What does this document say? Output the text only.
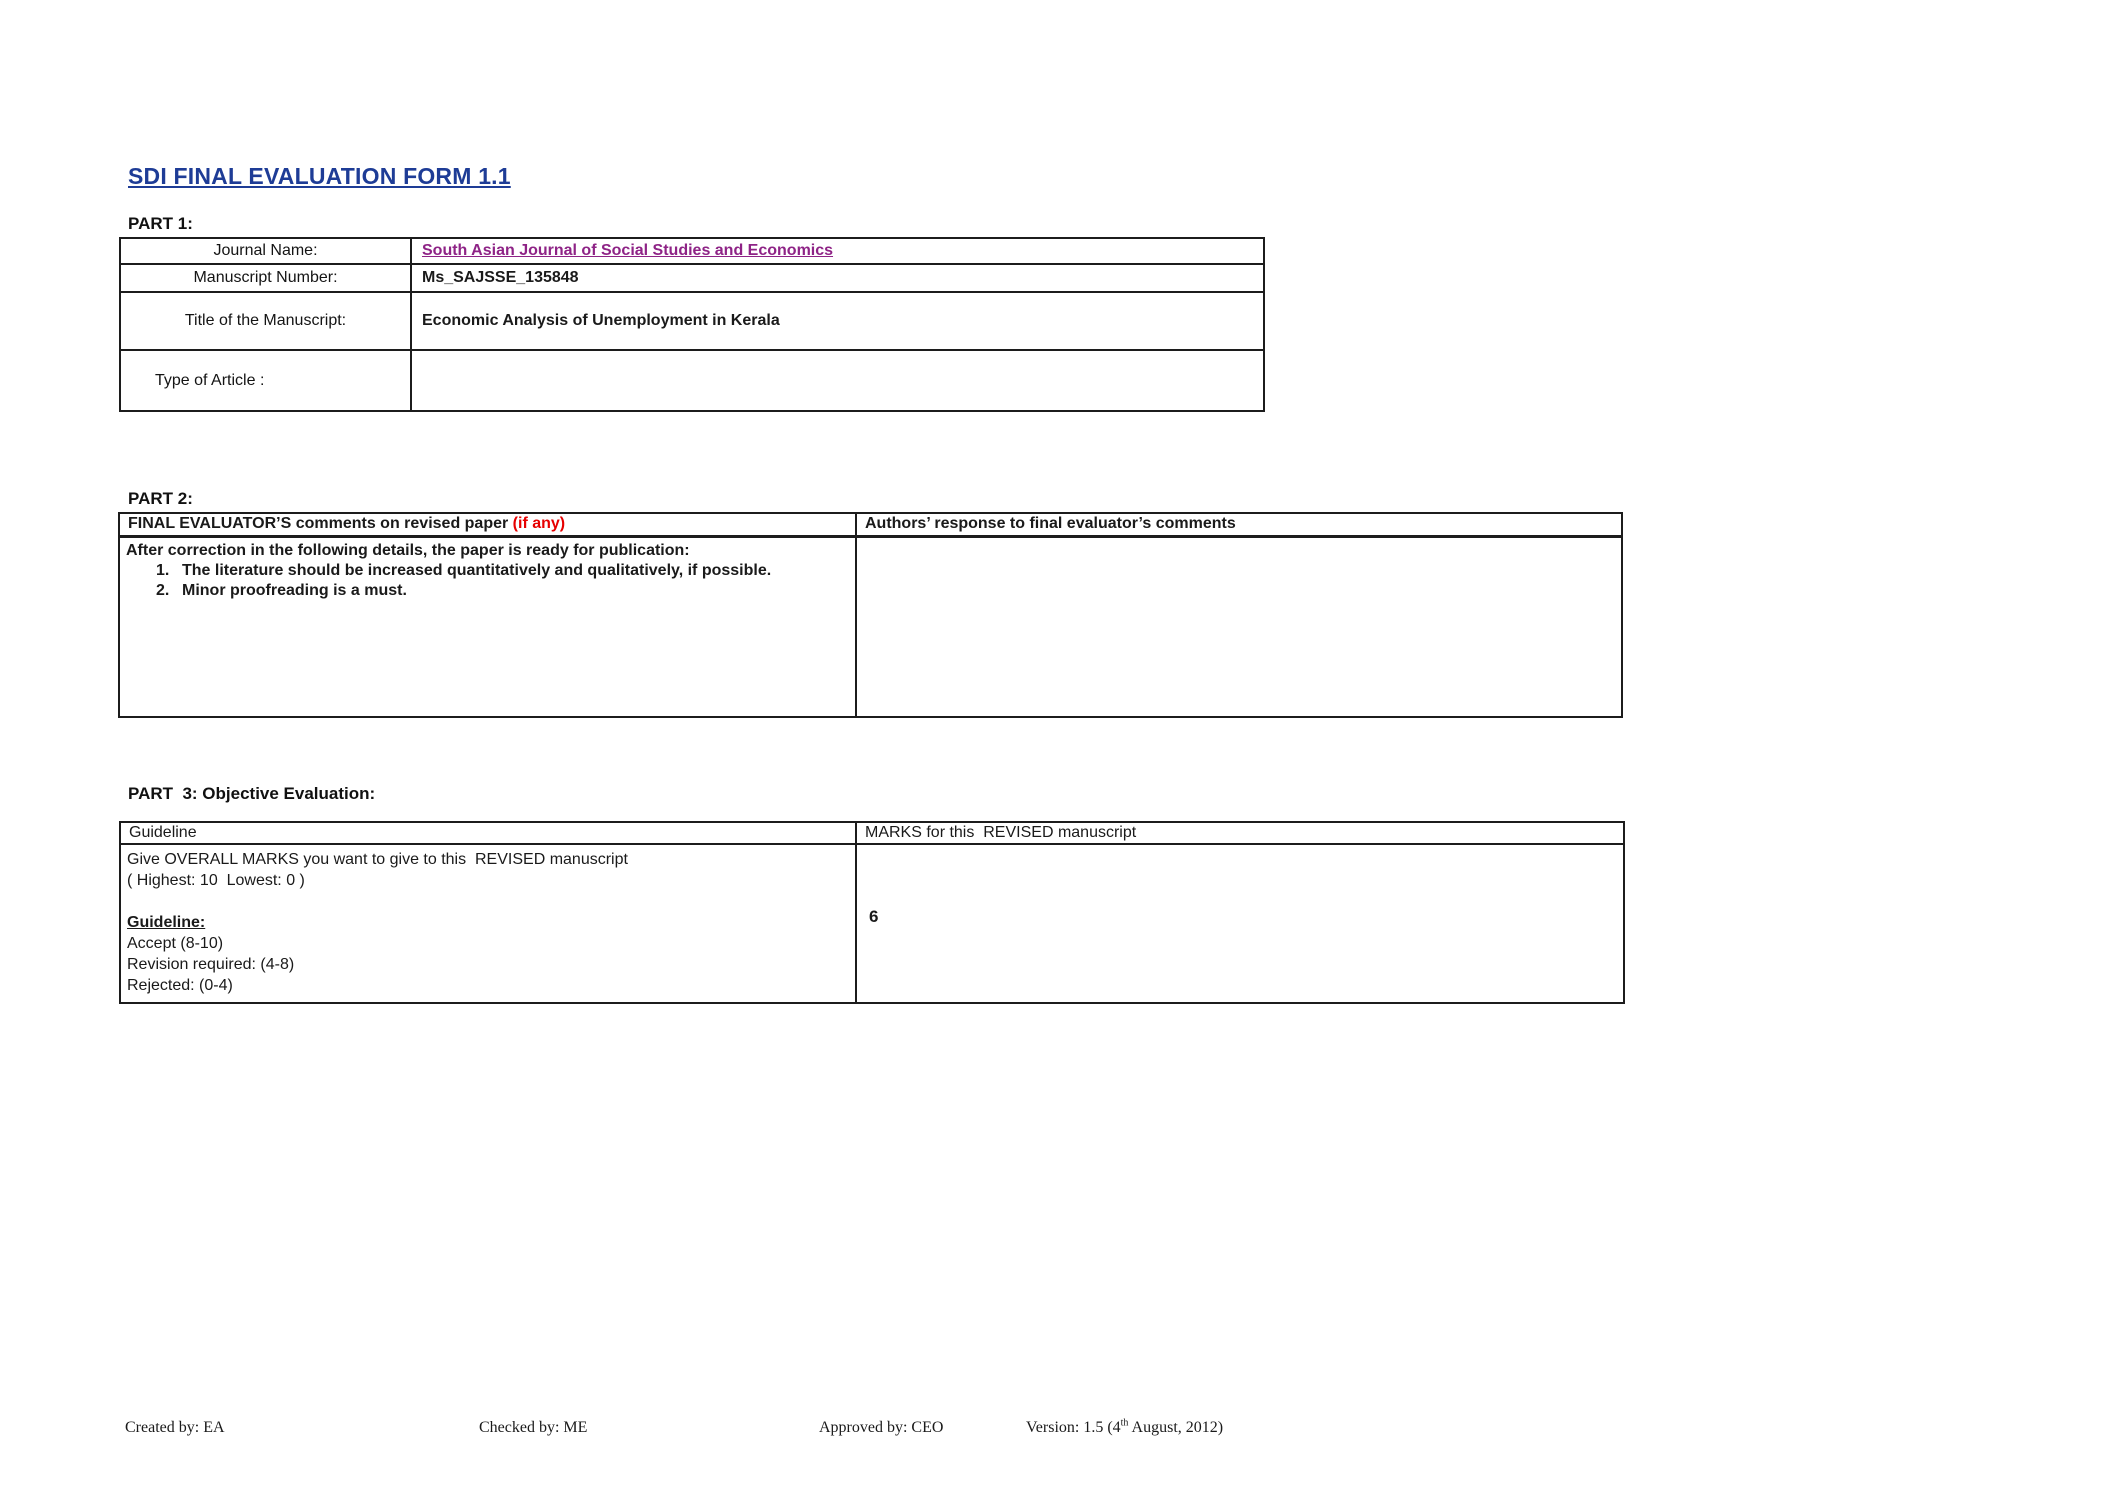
SDI FINAL EVALUATION FORM 1.1
PART 1:
Journal Name:	South Asian Journal of Social Studies and Economics
Manuscript Number:	Ms_SAJSSE_135848
Title of the Manuscript:	Economic Analysis of Unemployment in Kerala
Type of Article :	
PART 2:
FINAL EVALUATOR’S comments on revised paper (if any)	Authors’ response to final evaluator’s comments

After correction in the following details, the paper is ready for publication:
1. The literature should be increased quantitatively and qualitatively, if possible.
2. Minor proofreading is a must.	

PART  3: Objective Evaluation:
Guideline	MARKS for this  REVISED manuscript

Give OVERALL MARKS you want to give to this  REVISED manuscript
( Highest: 10  Lowest: 0 )
Guideline:
Accept (8-10)
Revision required: (4-8)
Rejected: (0-4)
	6
Created by: EA	Checked by: ME	Approved by: CEO	Version: 1.5 (4th August, 2012)
